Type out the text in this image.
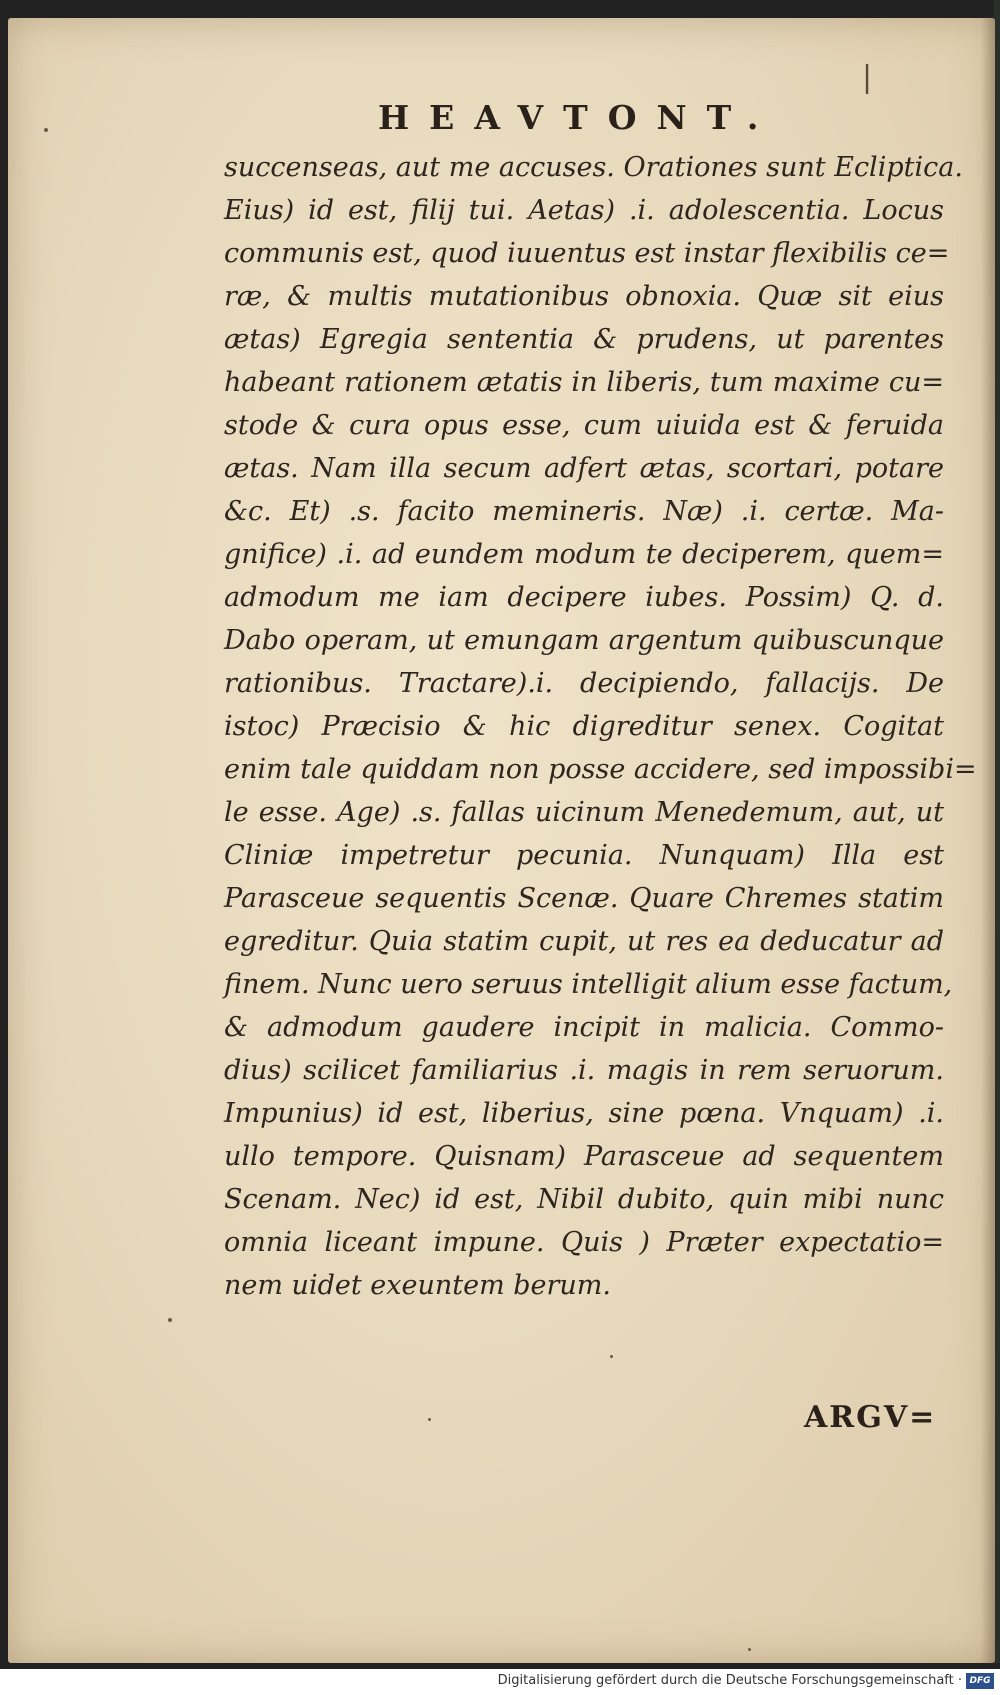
|
HEAVTONT.
succenseas, aut me accuses. Orationes sunt Ecliptica.
Eius) id est, filij tui. Aetas) .i. adolescentia. Locus
communis est, quod iuuentus est instar flexibilis ce=
ræ, & multis mutationibus obnoxia. Quæ sit eius
ætas) Egregia sententia & prudens, ut parentes
habeant rationem ætatis in liberis, tum maxime cu=
stode & cura opus esse, cum uiuida est & feruida
ætas. Nam illa secum adfert ætas, scortari, potare
&c. Et) .s. facito memineris. Næ) .i. certæ. Ma-
gnifice) .i. ad eundem modum te deciperem, quem=
admodum me iam decipere iubes. Possim) Q. d.
Dabo operam, ut emungam argentum quibuscunque
rationibus. Tractare).i. decipiendo, fallacijs. De
istoc) Præcisio & hic digreditur senex. Cogitat
enim tale quiddam non posse accidere, sed impossibi=
le esse. Age) .s. fallas uicinum Menedemum, aut, ut
Cliniæ impetretur pecunia. Nunquam) Illa est
Parasceue sequentis Scenæ. Quare Chremes statim
egreditur. Quia statim cupit, ut res ea deducatur ad
finem. Nunc uero seruus intelligit alium esse factum,
& admodum gaudere incipit in malicia. Commo-
dius) scilicet familiarius .i. magis in rem seruorum.
Impunius) id est, liberius, sine pœna. Vnquam) .i.
ullo tempore. Quisnam) Parasceue ad sequentem
Scenam. Nec) id est, Nibil dubito, quin mibi nunc
omnia liceant impune. Quis ) Præter expectatio=
nem uidet exeuntem berum.
ARGV=
Digitalisierung gefördert durch die Deutsche Forschungsgemeinschaft · DFG
